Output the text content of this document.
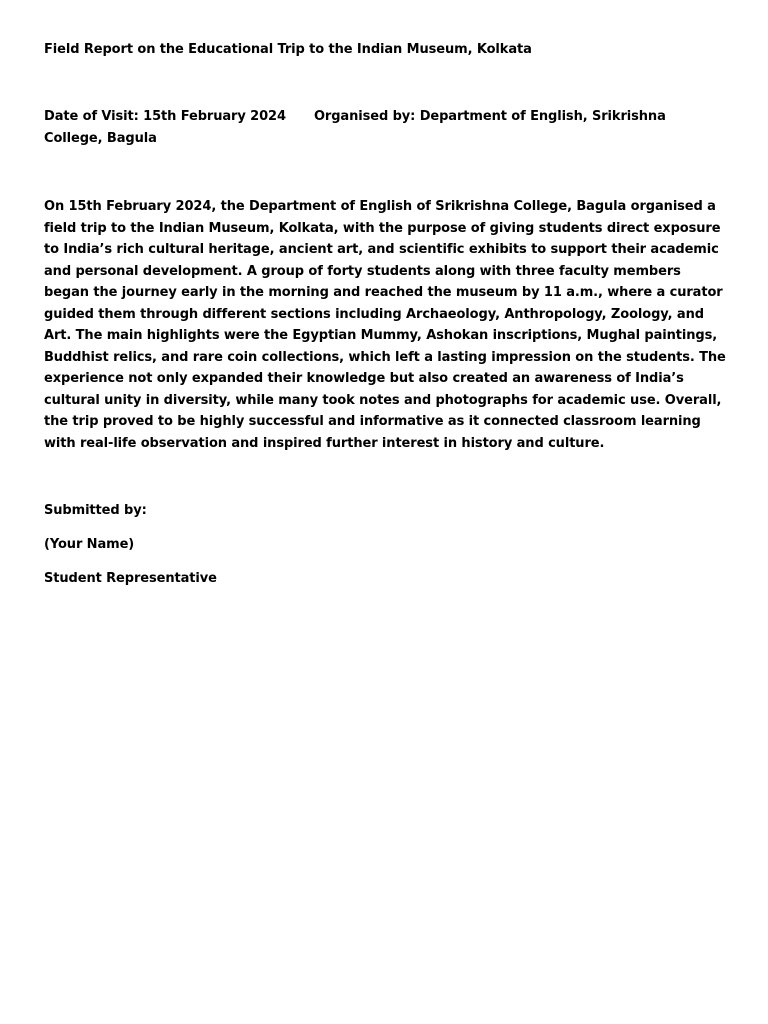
Field Report on the Educational Trip to the Indian Museum, Kolkata

Date of Visit: 15th February 2024 Organised by: Department of English, Srikrishna College, Bagula

On 15th February 2024, the Department of English of Srikrishna College, Bagula organised a field trip to the Indian Museum, Kolkata, with the purpose of giving students direct exposure to India’s rich cultural heritage, ancient art, and scientific exhibits to support their academic and personal development. A group of forty students along with three faculty members began the journey early in the morning and reached the museum by 11 a.m., where a curator guided them through different sections including Archaeology, Anthropology, Zoology, and Art. The main highlights were the Egyptian Mummy, Ashokan inscriptions, Mughal paintings, Buddhist relics, and rare coin collections, which left a lasting impression on the students. The experience not only expanded their knowledge but also created an awareness of India’s cultural unity in diversity, while many took notes and photographs for academic use. Overall, the trip proved to be highly successful and informative as it connected classroom learning with real-life observation and inspired further interest in history and culture.

Submitted by:
(Your Name)
Student Representative
